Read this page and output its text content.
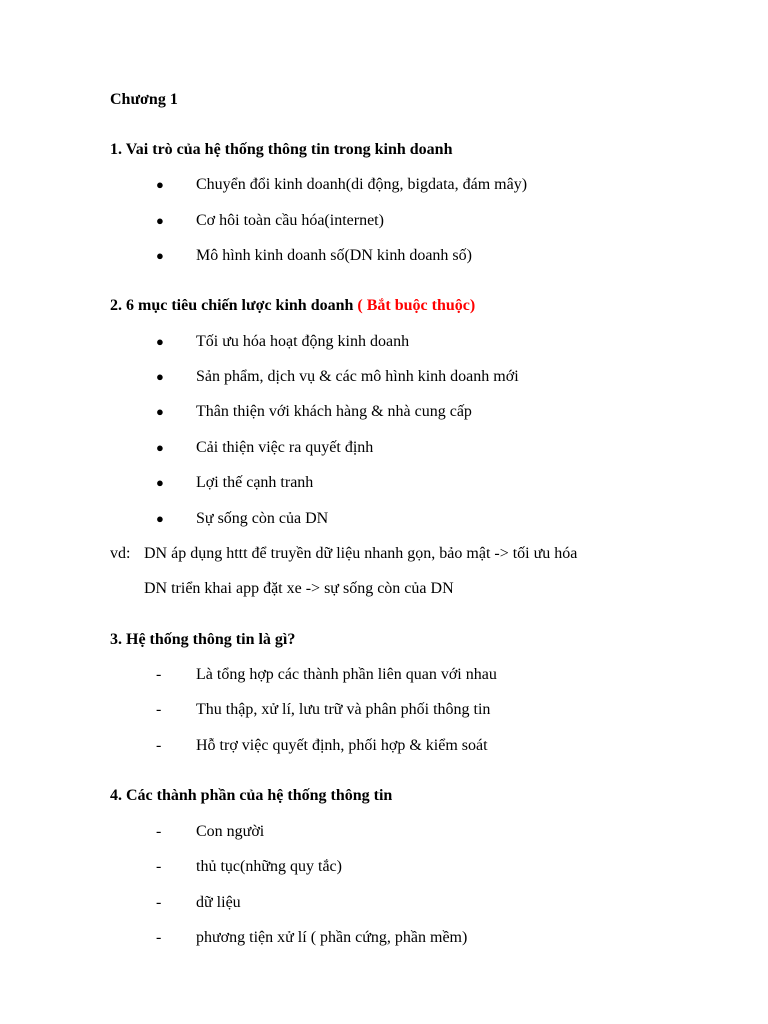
Chương 1
1. Vai trò của hệ thống thông tin trong kinh doanh
● Chuyển đổi kinh doanh(di động, bigdata, đám mây)
● Cơ hôi toàn cầu hóa(internet)
● Mô hình kinh doanh số(DN kinh doanh số)
2. 6 mục tiêu chiến lược kinh doanh ( Bắt buộc thuộc)
● Tối ưu hóa hoạt động kinh doanh
● Sản phẩm, dịch vụ & các mô hình kinh doanh mới
● Thân thiện với khách hàng & nhà cung cấp
● Cải thiện việc ra quyết định
● Lợi thế cạnh tranh
● Sự sống còn của DN
vd: DN áp dụng httt để truyền dữ liệu nhanh gọn, bảo mật -> tối ưu hóa
DN triển khai app đặt xe -> sự sống còn của DN
3. Hệ thống thông tin là gì?
- Là tổng hợp các thành phần liên quan với nhau
- Thu thập, xử lí, lưu trữ và phân phối thông tin
- Hỗ trợ việc quyết định, phối hợp & kiểm soát
4. Các thành phần của hệ thống thông tin
- Con người
- thủ tục(những quy tắc)
- dữ liệu
- phương tiện xử lí ( phần cứng, phần mềm)
